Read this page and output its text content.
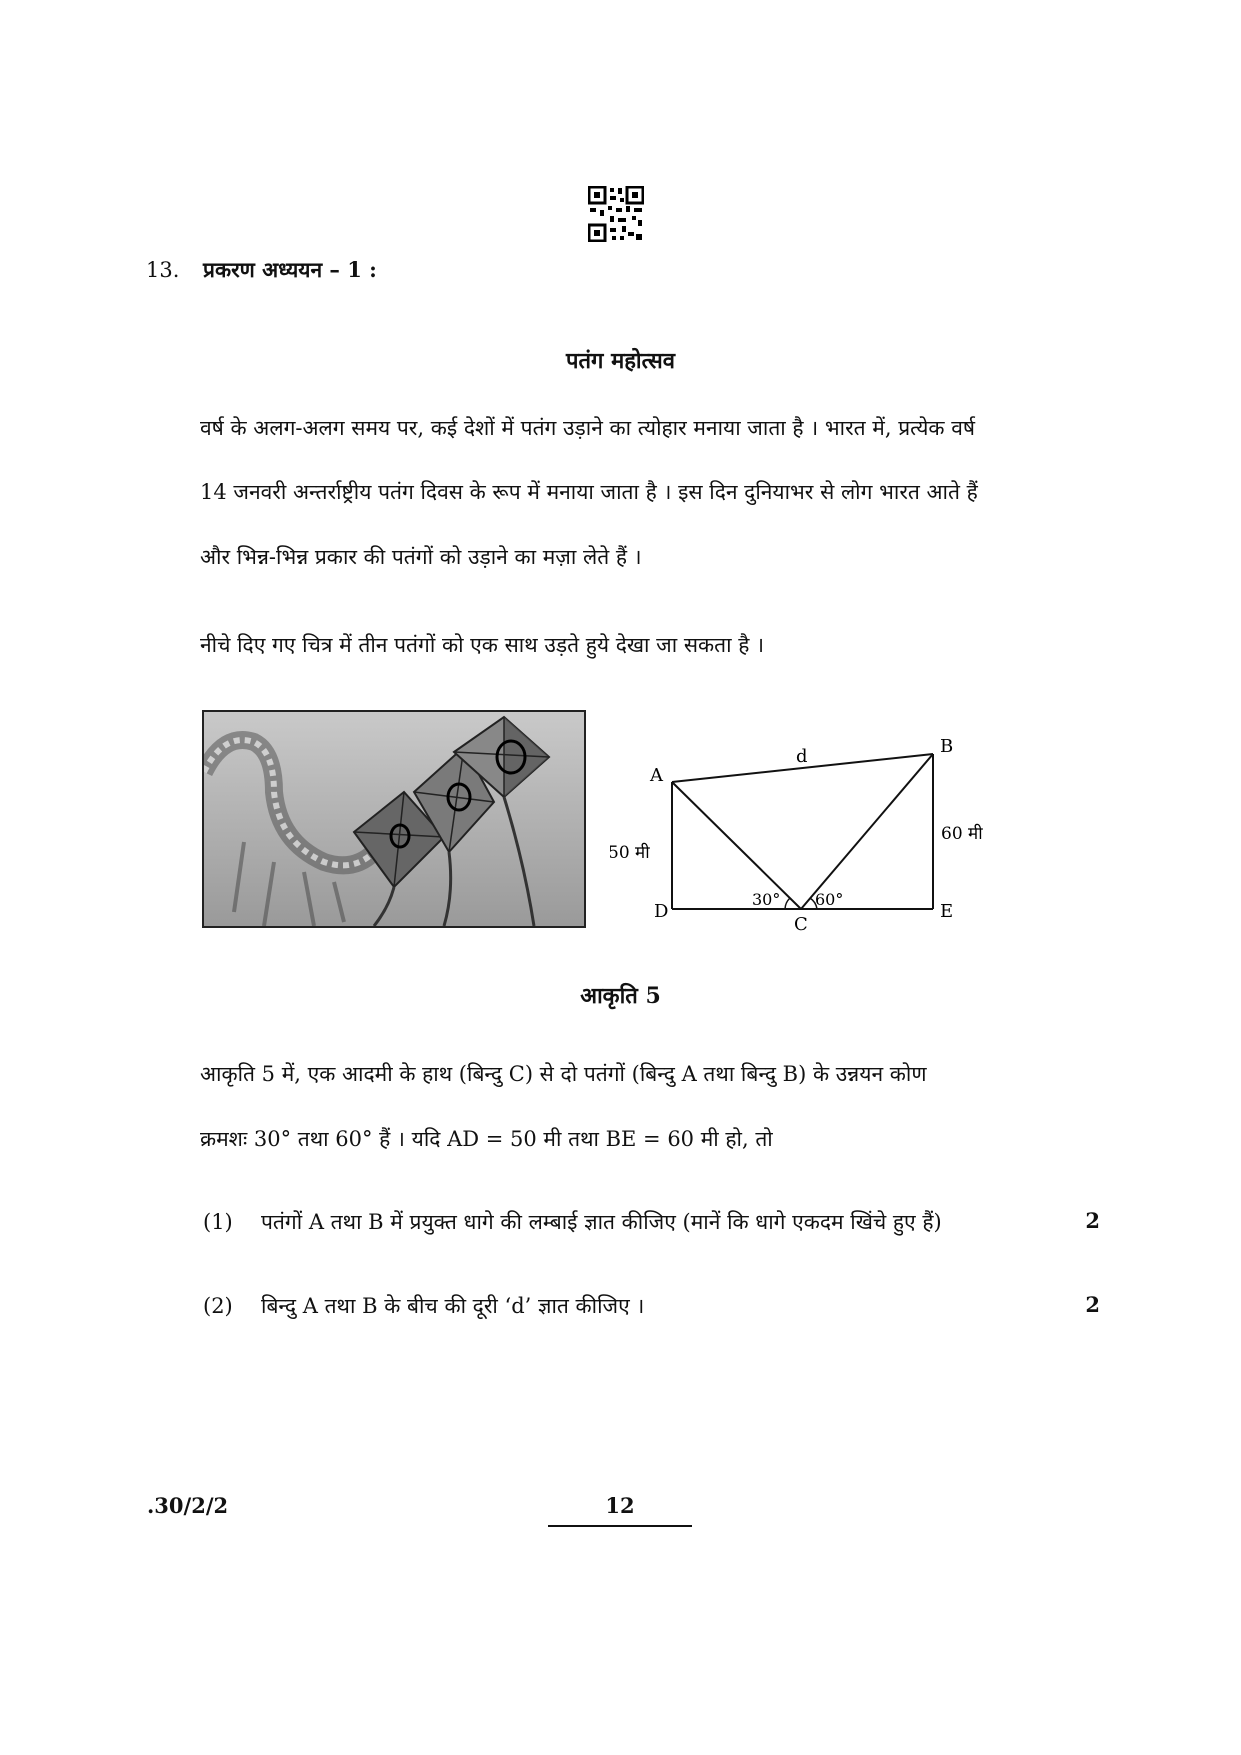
13. प्रकरण अध्ययन – 1 :
पतंग महोत्सव
वर्ष के अलग-अलग समय पर, कई देशों में पतंग उड़ाने का त्योहार मनाया जाता है । भारत में, प्रत्येक वर्ष
14 जनवरी अन्तर्राष्ट्रीय पतंग दिवस के रूप में मनाया जाता है । इस दिन दुनियाभर से लोग भारत आते हैं
और भिन्न-भिन्न प्रकार की पतंगों को उड़ाने का मज़ा लेते हैं ।
नीचे दिए गए चित्र में तीन पतंगों को एक साथ उड़ते हुये देखा जा सकता है ।
A
B
C
D	E
d
50 मी
60 मी
30° 60°
आकृति 5
आकृति 5 में, एक आदमी के हाथ (बिन्दु C) से दो पतंगों (बिन्दु A तथा बिन्दु B) के उन्नयन कोण
क्रमशः 30° तथा 60° हैं । यदि AD = 50 मी तथा BE = 60 मी हो, तो
(1) पतंगों A तथा B में प्रयुक्त धागे की लम्बाई ज्ञात कीजिए (मानें कि धागे एकदम खिंचे हुए हैं)	2
(2) बिन्दु A तथा B के बीच की दूरी ‘d’ ज्ञात कीजिए ।	2
.30/2/2	12
